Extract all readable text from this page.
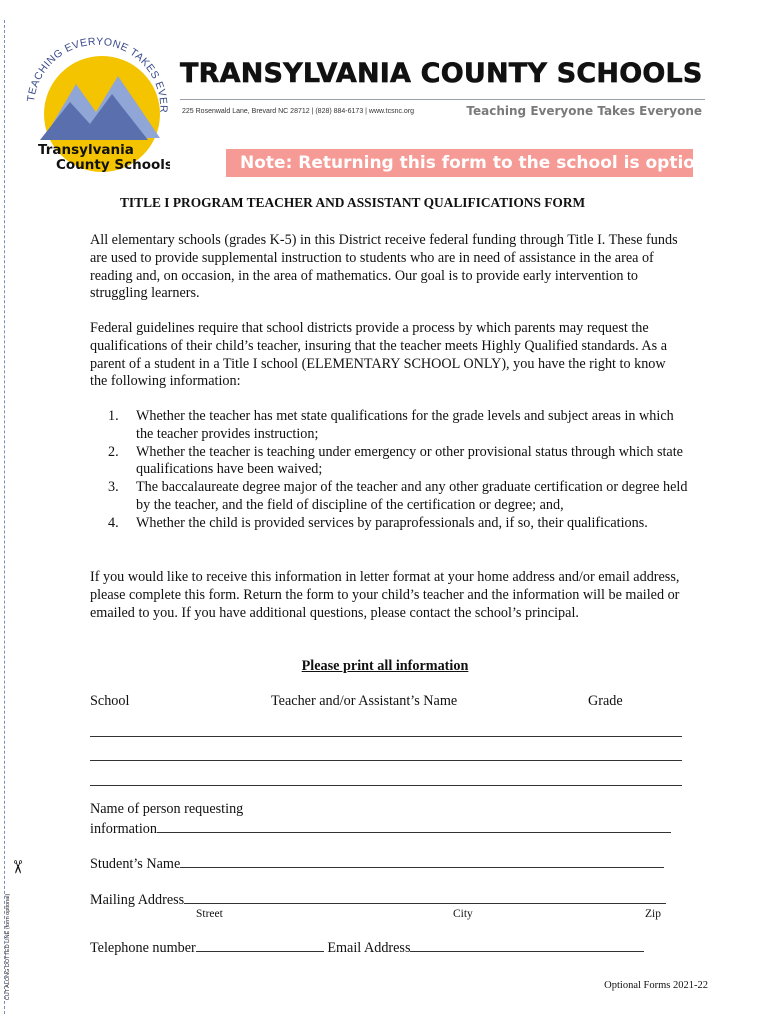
CUT ALONG DOTTED LINE (form optional)
✂
TEACHING EVERYONE TAKES EVER
Transylvania
County Schools
TRANSYLVANIA COUNTY SCHOOLS
225 Rosenwald Lane, Brevard NC 28712 | (828) 884-6173 | www.tcsnc.org	Teaching Everyone Takes Everyone
Note: Returning this form to the school is optional
TITLE I PROGRAM TEACHER AND ASSISTANT QUALIFICATIONS FORM
All elementary schools (grades K-5) in this District receive federal funding through Title I. These funds are used to provide supplemental instruction to students who are in need of assistance in the area of reading and, on occasion, in the area of mathematics. Our goal is to provide early intervention to struggling learners.
Federal guidelines require that school districts provide a process by which parents may request the qualifications of their child’s teacher, insuring that the teacher meets Highly Qualified standards. As a parent of a student in a Title I school (ELEMENTARY SCHOOL ONLY), you have the right to know the following information:
1. Whether the teacher has met state qualifications for the grade levels and subject areas in which the teacher provides instruction;
2. Whether the teacher is teaching under emergency or other provisional status through which state qualifications have been waived;
3. The baccalaureate degree major of the teacher and any other graduate certification or degree held by the teacher, and the field of discipline of the certification or degree; and,
4. Whether the child is provided services by paraprofessionals and, if so, their qualifications.
If you would like to receive this information in letter format at your home address and/or email address, please complete this form. Return the form to your child’s teacher and the information will be mailed or emailed to you. If you have additional questions, please contact the school’s principal.
Please print all information
School	Teacher and/or Assistant’s Name	Grade
Name of person requesting
information
Student’s Name
Mailing Address
Street	City	Zip
Telephone number	Email Address
Optional Forms 2021-22
